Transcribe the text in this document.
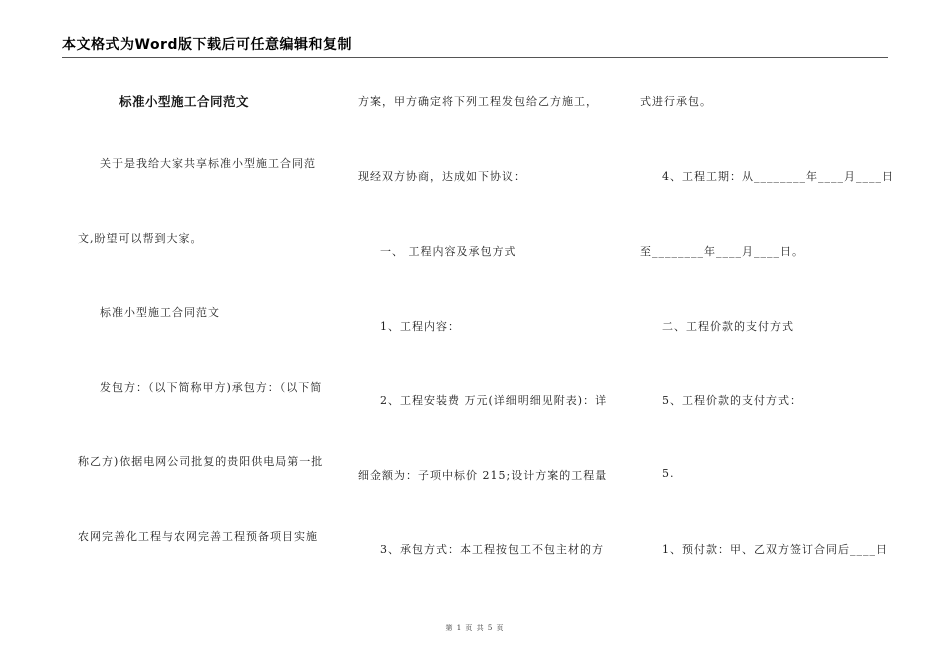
本文格式为Word版下载后可任意编辑和复制
标准小型施工合同范文
关于是我给大家共享标准小型施工合同范
文,盼望可以帮到大家。
标准小型施工合同范文
发包方：（以下简称甲方)承包方：（以下简
称乙方)依据电网公司批复的贵阳供电局第一批
农网完善化工程与农网完善工程预备项目实施
方案，甲方确定将下列工程发包给乙方施工，
现经双方协商，达成如下协议：
一、 工程内容及承包方式
1、工程内容：
2、工程安装费 万元(详细明细见附表)：详
细金额为：子项中标价 215;设计方案的工程量
3、承包方式：本工程按包工不包主材的方
式进行承包。
4、工程工期：从________年____月____日
至________年____月____日。
二、工程价款的支付方式
5、工程价款的支付方式：
5.
1、预付款：甲、乙双方签订合同后____日
第 1 页 共 5 页
